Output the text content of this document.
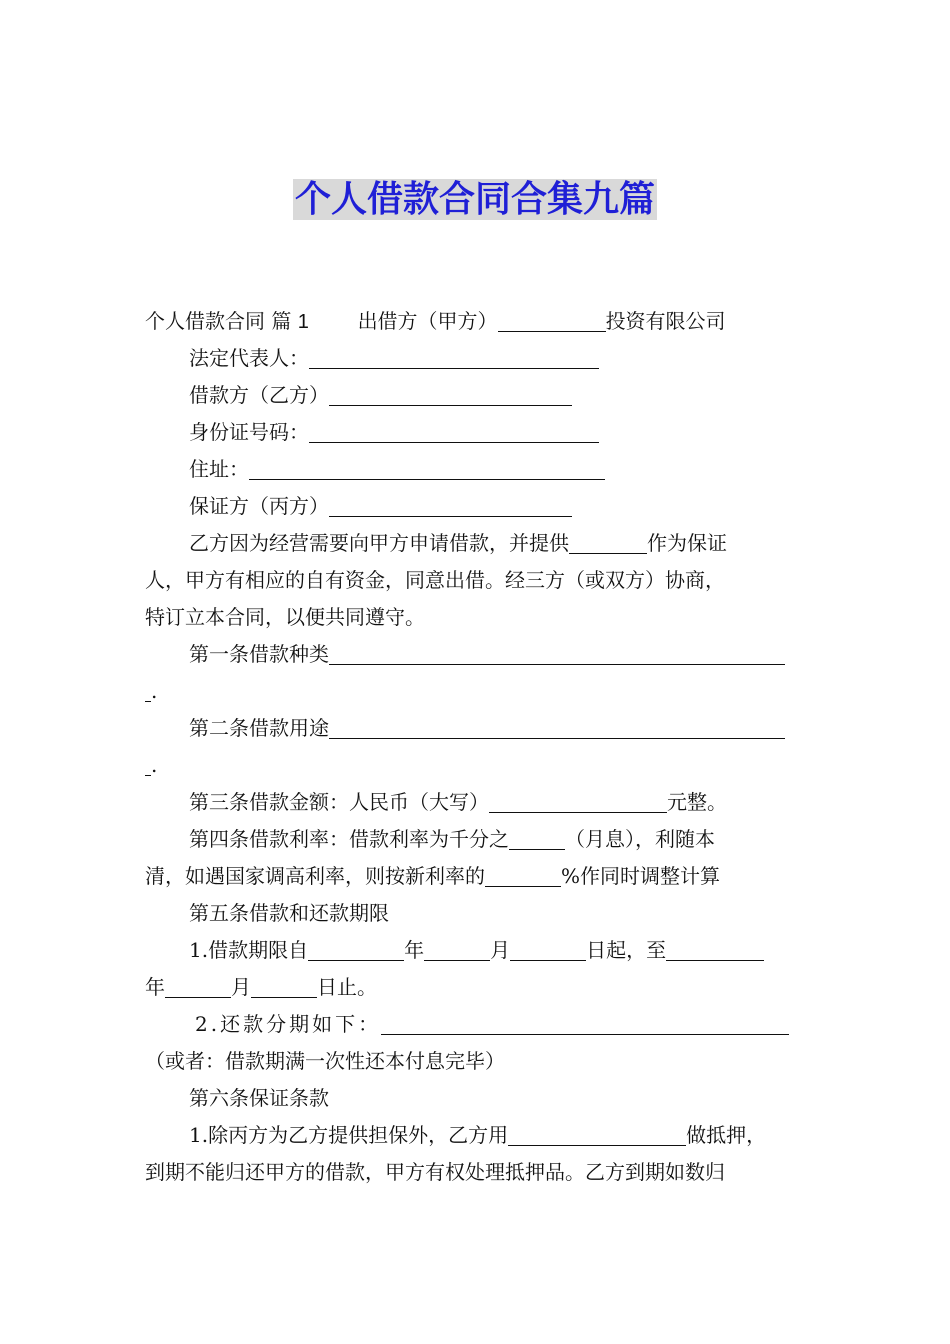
个人借款合同合集九篇
个人借款合同 篇 1 出借方（甲方）	投资有限公司
法定代表人：
借款方（乙方）
身份证号码：
住址：
保证方（丙方）
乙方因为经营需要向甲方申请借款，并提供	作为保证
人，甲方有相应的自有资金，同意出借。经三方（或双方）协商，
特订立本合同，以便共同遵守。
第一条借款种类
.
第二条借款用途
.
第三条借款金额：人民币（大写）	元整。
第四条借款利率：借款利率为千分之	（月息），利随本
清，如遇国家调高利率，则按新利率的	%作同时调整计算
第五条借款和还款期限
1.借款期限自	年	月	日起，至
年	月	日止。
2.还款分期如下：
（或者：借款期满一次性还本付息完毕）
第六条保证条款
1.除丙方为乙方提供担保外，乙方用	做抵押，
到期不能归还甲方的借款，甲方有权处理抵押品。乙方到期如数归
